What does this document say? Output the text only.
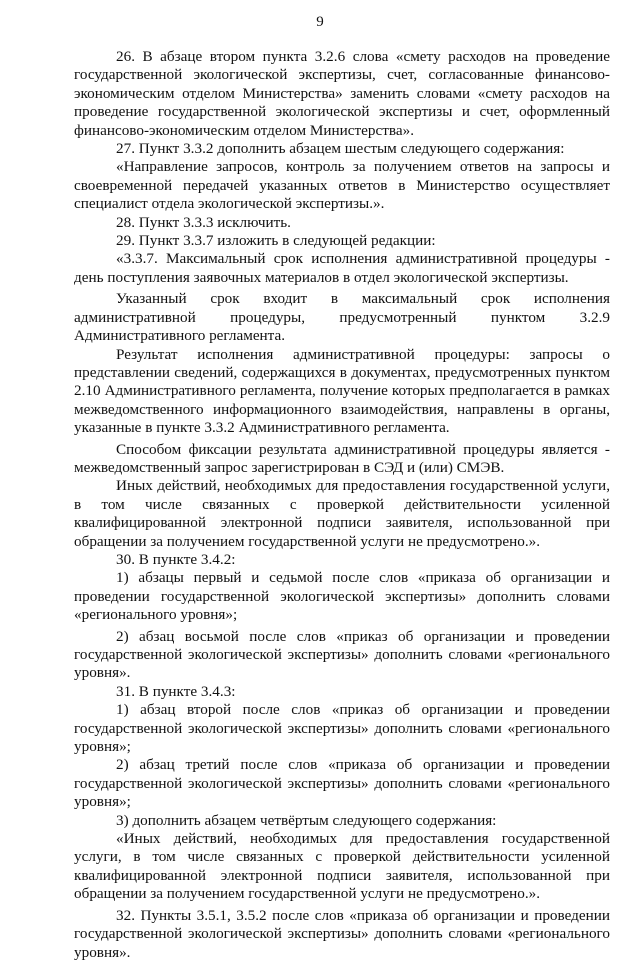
9

26. В абзаце втором пункта 3.2.6 слова «смету расходов на проведение государственной экологической экспертизы, счет, согласованные финансово-экономическим отделом Министерства» заменить словами «смету расходов на проведение государственной экологической экспертизы и счет, оформленный финансово-экономическим отделом Министерства».

27. Пункт 3.3.2 дополнить абзацем шестым следующего содержания:

«Направление запросов, контроль за получением ответов на запросы и своевременной передачей указанных ответов в Министерство осуществляет специалист отдела экологической экспертизы.».

28. Пункт 3.3.3 исключить.

29. Пункт 3.3.7 изложить в следующей редакции:

«3.3.7. Максимальный срок исполнения административной процедуры - день поступления заявочных материалов в отдел экологической экспертизы.

Указанный срок входит в максимальный срок исполнения административной процедуры, предусмотренный пунктом 3.2.9 Административного регламента.

Результат исполнения административной процедуры: запросы о представлении сведений, содержащихся в документах, предусмотренных пунктом 2.10 Административного регламента, получение которых предполагается в рамках межведомственного информационного взаимодействия, направлены в органы, указанные в пункте 3.3.2 Административного регламента.

Способом фиксации результата административной процедуры является - межведомственный запрос зарегистрирован в СЭД и (или) СМЭВ.

Иных действий, необходимых для предоставления государственной услуги, в том числе связанных с проверкой действительности усиленной квалифицированной электронной подписи заявителя, использованной при обращении за получением государственной услуги не предусмотрено.».

30. В пункте 3.4.2:

1) абзацы первый и седьмой после слов «приказа об организации и проведении государственной экологической экспертизы» дополнить словами «регионального уровня»;

2) абзац восьмой после слов «приказ об организации и проведении государственной экологической экспертизы» дополнить словами «регионального уровня».

31. В пункте 3.4.3:

1) абзац второй после слов «приказ об организации и проведении государственной экологической экспертизы» дополнить словами «регионального уровня»;

2) абзац третий после слов «приказа об организации и проведении государственной экологической экспертизы» дополнить словами «регионального уровня»;

3) дополнить абзацем четвёртым следующего содержания:

«Иных действий, необходимых для предоставления государственной услуги, в том числе связанных с проверкой действительности усиленной квалифицированной электронной подписи заявителя, использованной при обращении за получением государственной услуги не предусмотрено.».

32. Пункты 3.5.1, 3.5.2 после слов «приказа об организации и проведении государственной экологической экспертизы» дополнить словами «регионального уровня».
